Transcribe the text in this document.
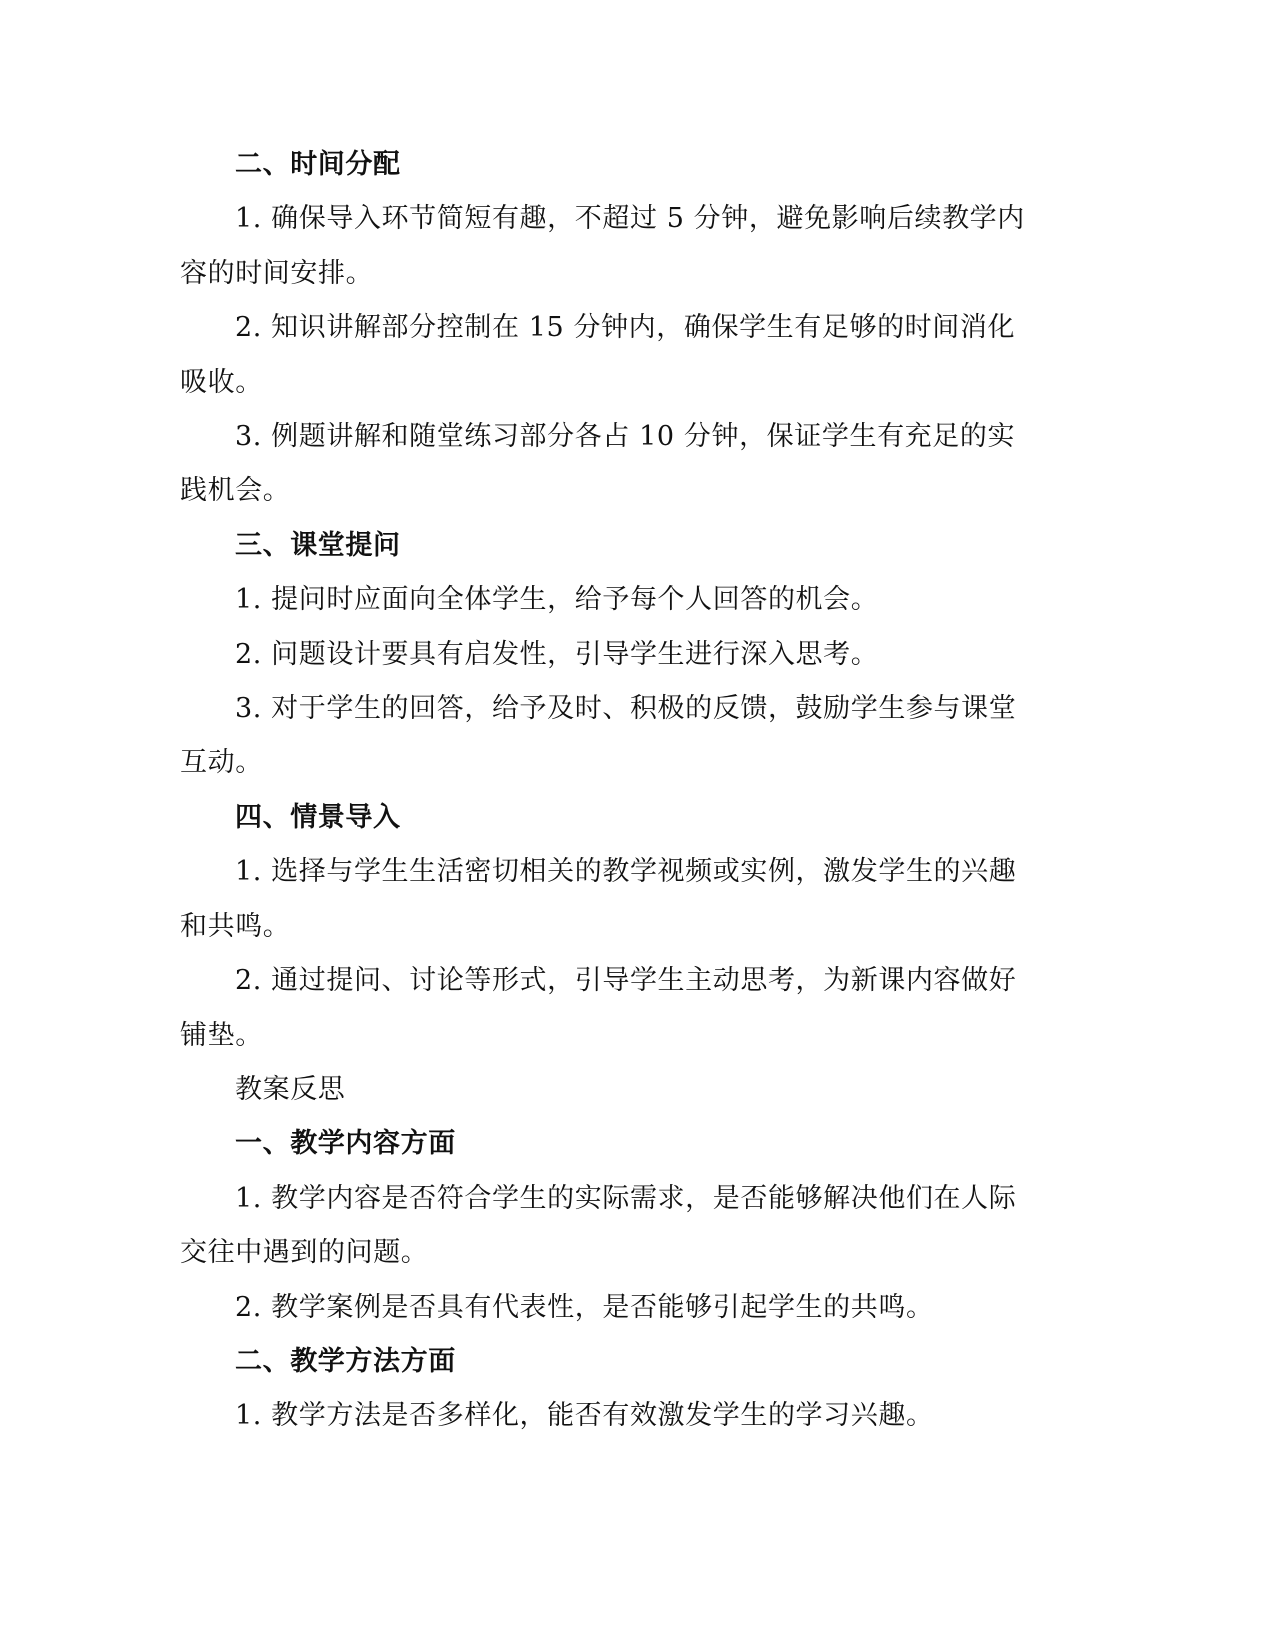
二、时间分配

1. 确保导入环节简短有趣，不超过 5 分钟，避免影响后续教学内

容的时间安排。

2. 知识讲解部分控制在 15 分钟内，确保学生有足够的时间消化

吸收。

3. 例题讲解和随堂练习部分各占 10 分钟，保证学生有充足的实

践机会。

三、课堂提问

1. 提问时应面向全体学生，给予每个人回答的机会。

2. 问题设计要具有启发性，引导学生进行深入思考。

3. 对于学生的回答，给予及时、积极的反馈，鼓励学生参与课堂

互动。

四、情景导入

1. 选择与学生生活密切相关的教学视频或实例，激发学生的兴趣

和共鸣。

2. 通过提问、讨论等形式，引导学生主动思考，为新课内容做好

铺垫。

教案反思

一、教学内容方面

1. 教学内容是否符合学生的实际需求，是否能够解决他们在人际

交往中遇到的问题。

2. 教学案例是否具有代表性，是否能够引起学生的共鸣。

二、教学方法方面

1. 教学方法是否多样化，能否有效激发学生的学习兴趣。
